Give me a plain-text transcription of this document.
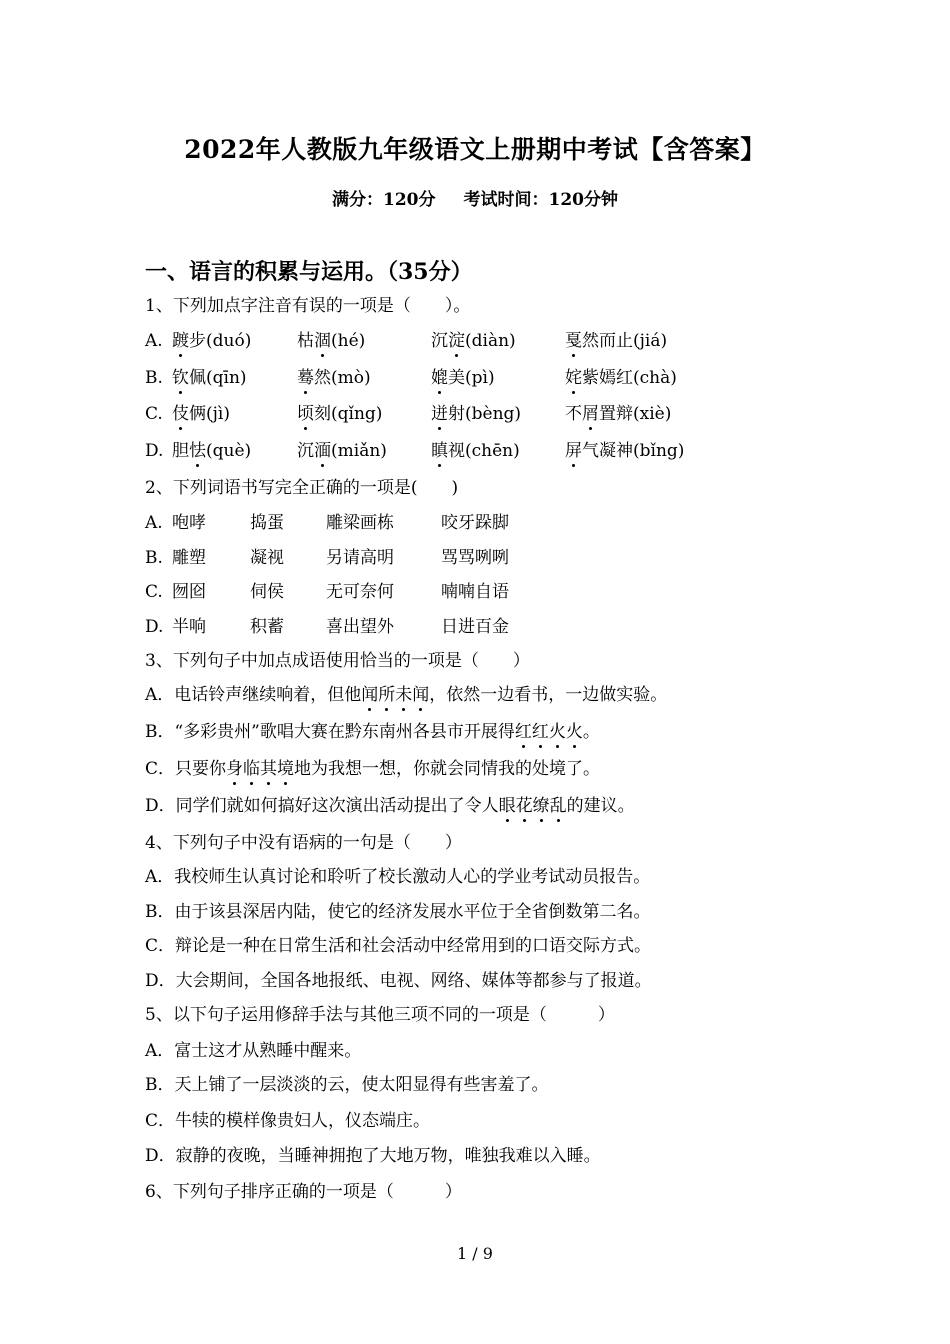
2022年人教版九年级语文上册期中考试【含答案】
满分：120分 考试时间：120分钟
一、语言的积累与运用。（35分）
1、下列加点字注音有误的一项是（　　）。
A. 踱步(duó)	枯涸(hé)	沉淀(diàn)	戛然而止(jiá)
B. 钦佩(qīn)	蓦然(mò)	媲美(pì)	姹紫嫣红(chà)
C. 伎俩(jì)	顷刻(qǐng)	迸射(bèng)	不屑置辩(xiè)
D. 胆怯(què)	沉湎(miǎn)	瞋视(chēn)	屏气凝神(bǐng)
2、下列词语书写完全正确的一项是(　　)
A. 咆哮	捣蛋 雕梁画栋	咬牙跺脚
B. 雕塑	凝视 另请高明	骂骂咧咧
C. 囫囵	伺侯 无可奈何	喃喃自语
D. 半响	积蓄 喜出望外	日进百金
3、下列句子中加点成语使用恰当的一项是（　　）
A．电话铃声继续响着，但他闻所未闻，依然一边看书，一边做实验。
B．“多彩贵州”歌唱大赛在黔东南州各县市开展得红红火火。
C．只要你身临其境地为我想一想，你就会同情我的处境了。
D．同学们就如何搞好这次演出活动提出了令人眼花缭乱的建议。
4、下列句子中没有语病的一句是（　　）
A．我校师生认真讨论和聆听了校长激动人心的学业考试动员报告。
B．由于该县深居内陆，使它的经济发展水平位于全省倒数第二名。
C．辩论是一种在日常生活和社会活动中经常用到的口语交际方式。
D．大会期间，全国各地报纸、电视、网络、媒体等都参与了报道。
5、以下句子运用修辞手法与其他三项不同的一项是（　　　）
A．富士这才从熟睡中醒来。
B．天上铺了一层淡淡的云，使太阳显得有些害羞了。
C．牛犊的模样像贵妇人，仪态端庄。
D．寂静的夜晚，当睡神拥抱了大地万物，唯独我难以入睡。
6、下列句子排序正确的一项是（　　　）
1 / 9
